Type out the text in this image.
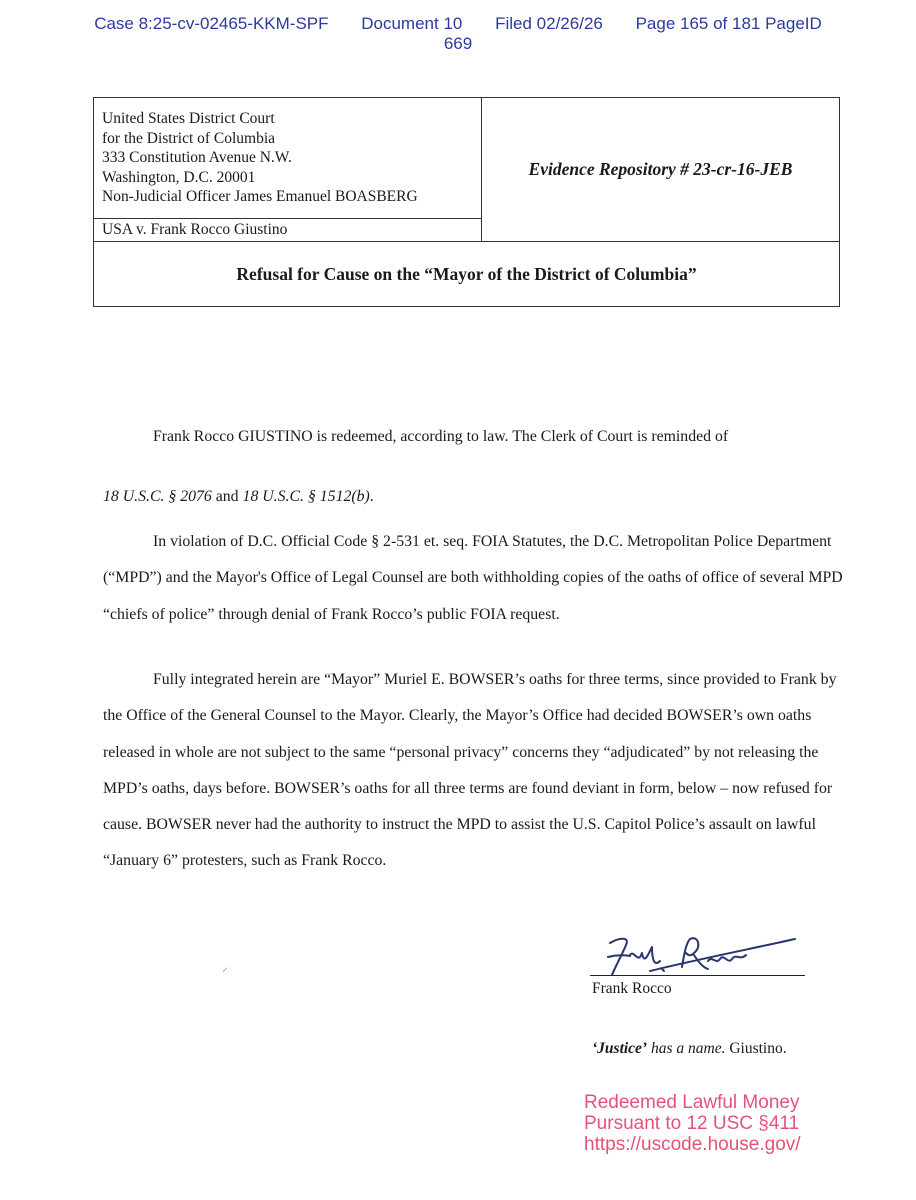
Case 8:25-cv-02465-KKM-SPF Document 10 Filed 02/26/26 Page 165 of 181 PageID
669
United States District Court
for the District of Columbia
333 Constitution Avenue N.W.
Washington, D.C. 20001
Non-Judicial Officer James Emanuel BOASBERG
USA v. Frank Rocco Giustino
Evidence Repository # 23-cr-16-JEB
Refusal for Cause on the “Mayor of the District of Columbia”
Frank Rocco GIUSTINO is redeemed, according to law. The Clerk of Court is reminded of
18 U.S.C. § 2076 and 18 U.S.C. § 1512(b).
In violation of D.C. Official Code § 2-531 et. seq. FOIA Statutes, the D.C. Metropolitan Police Department (“MPD”) and the Mayor's Office of Legal Counsel are both withholding copies of the oaths of office of several MPD “chiefs of police” through denial of Frank Rocco’s public FOIA request.
Fully integrated herein are “Mayor” Muriel E. BOWSER’s oaths for three terms, since provided to Frank by the Office of the General Counsel to the Mayor. Clearly, the Mayor’s Office had decided BOWSER’s own oaths released in whole are not subject to the same “personal privacy” concerns they “adjudicated” by not releasing the MPD’s oaths, days before. BOWSER’s oaths for all three terms are found deviant in form, below – now refused for cause. BOWSER never had the authority to instruct the MPD to assist the U.S. Capitol Police’s assault on lawful “January 6” protesters, such as Frank Rocco.
⸍
Frank Rocco
‘Justice’ has a name. Giustino.
Redeemed Lawful Money
Pursuant to 12 USC §411
https://uscode.house.gov/
